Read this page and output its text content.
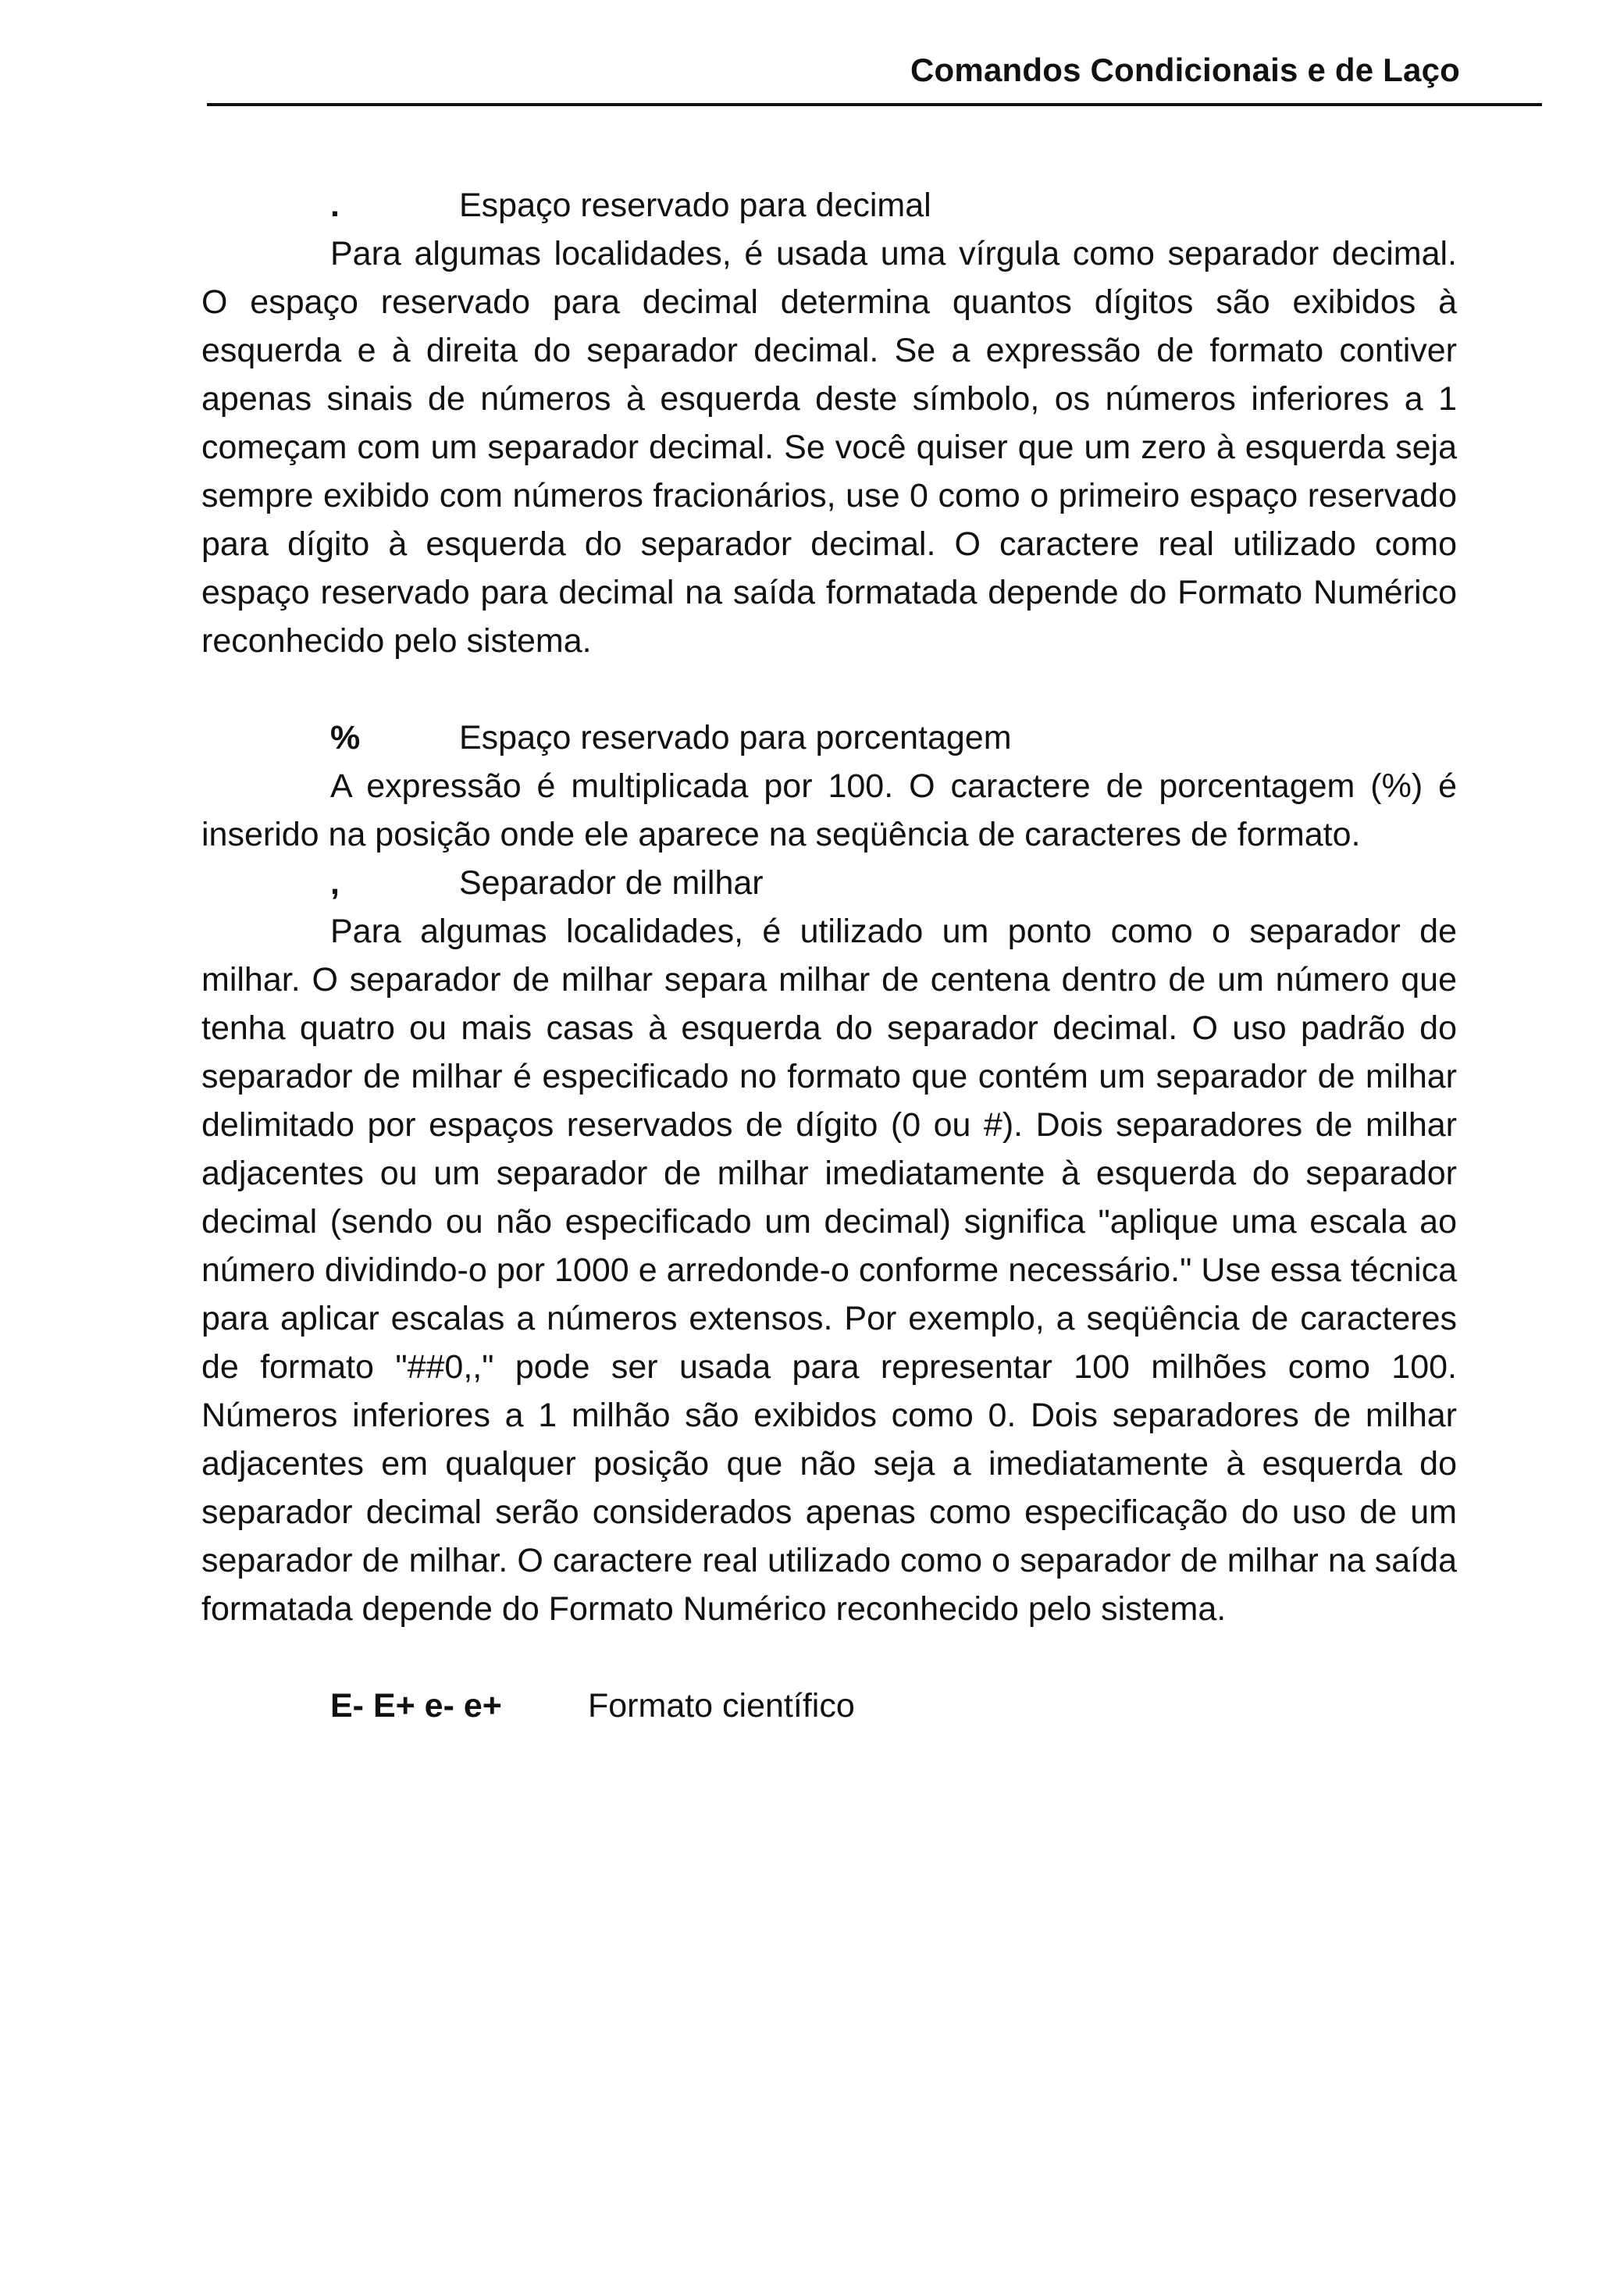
Comandos Condicionais e de Laço
.	Espaço reservado para decimal

Para algumas localidades, é usada uma vírgula como separador decimal. O espaço reservado para decimal determina quantos dígitos são exibidos à esquerda e à direita do separador decimal. Se a expressão de formato contiver apenas sinais de números à esquerda deste símbolo, os números inferiores a 1 começam com um separador decimal. Se você quiser que um zero à esquerda seja sempre exibido com números fracionários, use 0 como o primeiro espaço reservado para dígito à esquerda do separador decimal. O caractere real utilizado como espaço reservado para decimal na saída formatada depende do Formato Numérico reconhecido pelo sistema.

%	Espaço reservado para porcentagem

A expressão é multiplicada por 100. O caractere de porcentagem (%) é inserido na posição onde ele aparece na seqüência de caracteres de formato.

,	Separador de milhar

Para algumas localidades, é utilizado um ponto como o separador de milhar. O separador de milhar separa milhar de centena dentro de um número que tenha quatro ou mais casas à esquerda do separador decimal. O uso padrão do separador de milhar é especificado no formato que contém um separador de milhar delimitado por espaços reservados de dígito (0 ou #). Dois separadores de milhar adjacentes ou um separador de milhar imediatamente à esquerda do separador decimal (sendo ou não especificado um decimal) significa "aplique uma escala ao número dividindo-o por 1000 e arredonde-o conforme necessário." Use essa técnica para aplicar escalas a números extensos. Por exemplo, a seqüência de caracteres de formato "##0,," pode ser usada para representar 100 milhões como 100. Números inferiores a 1 milhão são exibidos como 0. Dois separadores de milhar adjacentes em qualquer posição que não seja a imediatamente à esquerda do separador decimal serão considerados apenas como especificação do uso de um separador de milhar. O caractere real utilizado como o separador de milhar na saída formatada depende do Formato Numérico reconhecido pelo sistema.

E- E+ e- e+	Formato científico
